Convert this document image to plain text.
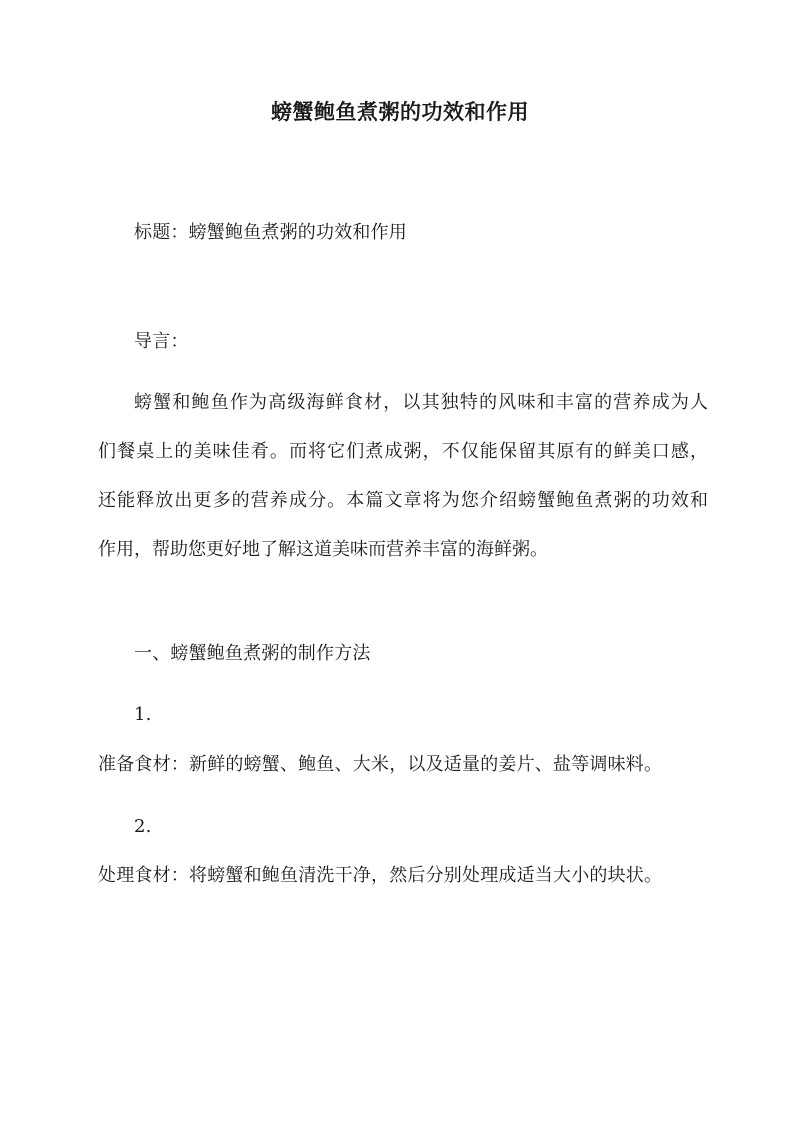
螃蟹鲍鱼煮粥的功效和作用
标题：螃蟹鲍鱼煮粥的功效和作用
导言：
螃蟹和鲍鱼作为高级海鲜食材，以其独特的风味和丰富的营养成为人
们餐桌上的美味佳肴。而将它们煮成粥，不仅能保留其原有的鲜美口感，
还能释放出更多的营养成分。本篇文章将为您介绍螃蟹鲍鱼煮粥的功效和
作用，帮助您更好地了解这道美味而营养丰富的海鲜粥。
一、螃蟹鲍鱼煮粥的制作方法
1.
准备食材：新鲜的螃蟹、鲍鱼、大米，以及适量的姜片、盐等调味料。
2.
处理食材：将螃蟹和鲍鱼清洗干净，然后分别处理成适当大小的块状。
